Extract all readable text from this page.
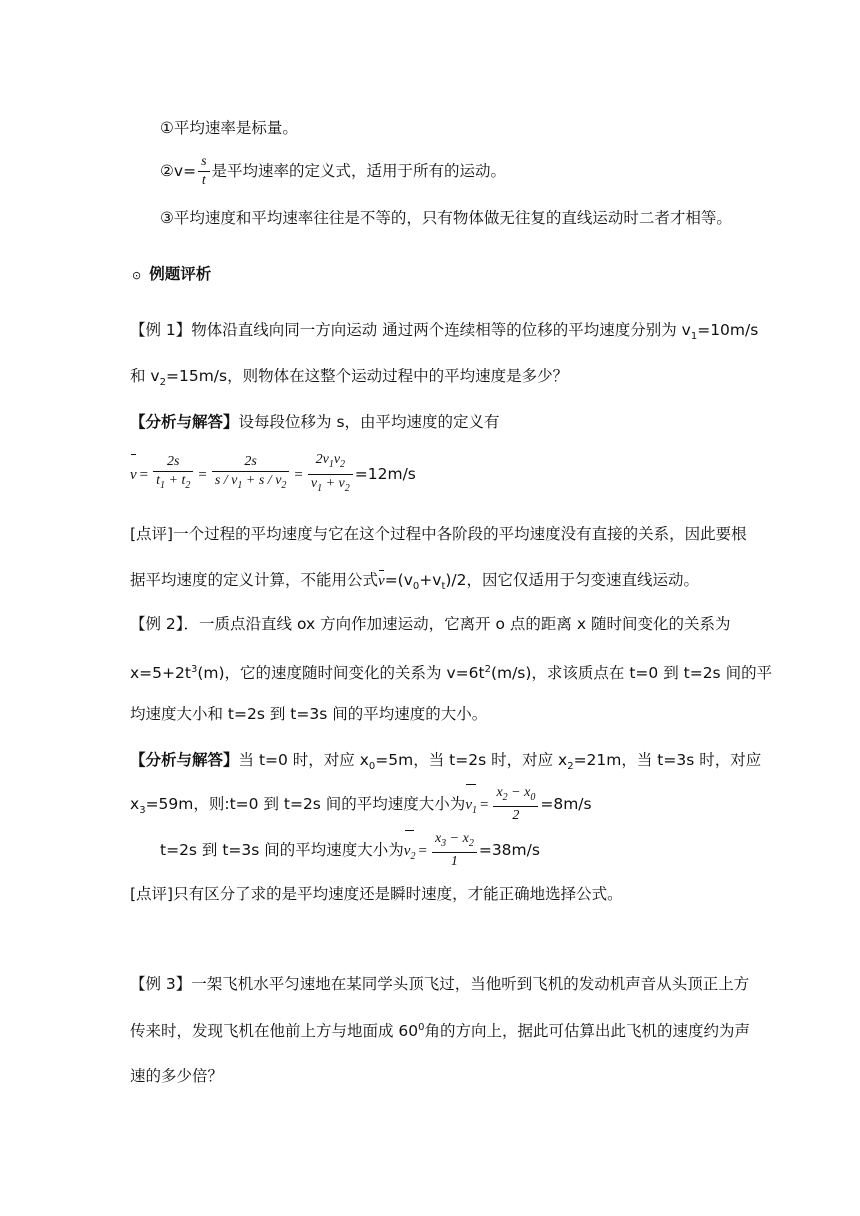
①平均速率是标量。
②v= $\frac{s}{t}$ 是平均速率的定义式，适用于所有的运动。
③平均速度和平均速率往往是不等的，只有物体做无往复的直线运动时二者才相等。
⊙ 例题评析
【例 1】物体沿直线向同一方向运动 通过两个连续相等的位移的平均速度分别为 $v_1=10m/s$
和 $v_2=15m/s$，则物体在这整个运动过程中的平均速度是多少？
【分析与解答】设每段位移为 s，由平均速度的定义有
$v = \frac{2s}{t_1 + t_2} = \frac{2s}{s / v_1 + s / v_2} = \frac{2v_1v_2}{v_1 + v_2} =12m/s$
[点评]一个过程的平均速度与它在这个过程中各阶段的平均速度没有直接的关系，因此要根
据平均速度的定义计算，不能用公式$v=(v_0+v_t)/2$，因它仅适用于匀变速直线运动。
【例 2】．一质点沿直线 ox 方向作加速运动，它离开 o 点的距离 x 随时间变化的关系为
$x=5+2t^3(m)$，它的速度随时间变化的关系为 $v=6t^2(m/s)$，求该质点在 t=0 到 t=2s 间的平
均速度大小和 t=2s 到 t=3s 间的平均速度的大小。
【分析与解答】当 t=0 时，对应 $x_0=5m$，当 t=2s 时，对应 $x_2=21m$，当 t=3s 时，对应
$x_3=59m$，则:t=0 到 t=2s 间的平均速度大小为$v_1 = \frac{x_2 - x_0}{2} =8m/s$
t=2s 到 t=3s 间的平均速度大小为$v_2 = \frac{x_3 - x_2}{1} =38m/s$
[点评]只有区分了求的是平均速度还是瞬时速度，才能正确地选择公式。
【例 3】一架飞机水平匀速地在某同学头顶飞过，当他听到飞机的发动机声音从头顶正上方
传来时，发现飞机在他前上方与地面成 $60^0$角的方向上，据此可估算出此飞机的速度约为声
速的多少倍？
